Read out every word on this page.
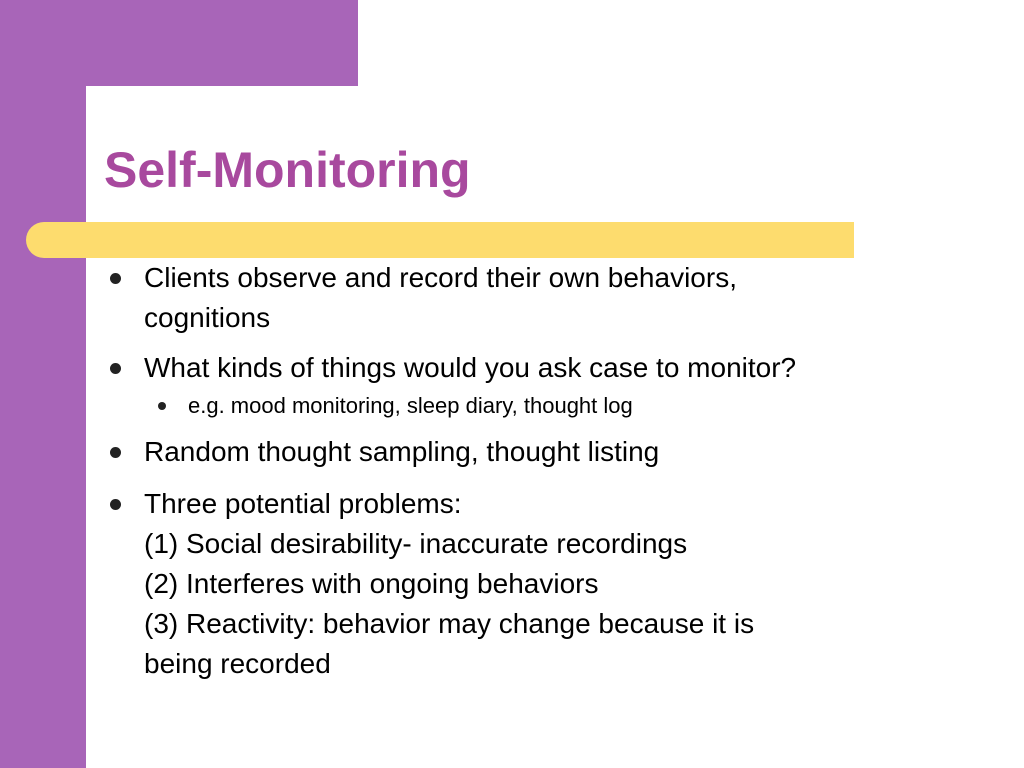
Self-Monitoring
Clients observe and record their own behaviors,
cognitions
What kinds of things would you ask case to monitor?
e.g. mood monitoring, sleep diary, thought log
Random thought sampling, thought listing
Three potential problems:
(1) Social desirability- inaccurate recordings
(2) Interferes with ongoing behaviors
(3) Reactivity: behavior may change because it is
being recorded
